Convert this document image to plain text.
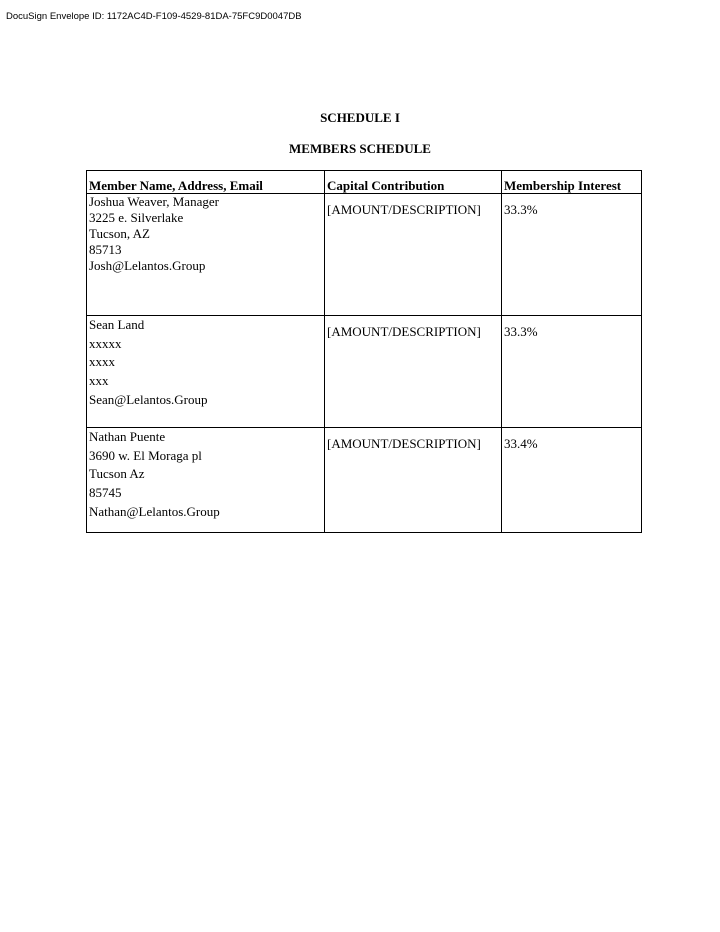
DocuSign Envelope ID: 1172AC4D-F109-4529-81DA-75FC9D0047DB
SCHEDULE I
MEMBERS SCHEDULE
Member Name, Address, Email	Capital Contribution	Membership Interest

Joshua Weaver, Manager
3225 e. Silverlake
Tucson, AZ
85713
Josh@Lelantos.Group	[AMOUNT/DESCRIPTION]	33.3%

Sean Land
xxxxx
xxxx
xxx
Sean@Lelantos.Group	[AMOUNT/DESCRIPTION]	33.3%

Nathan Puente
3690 w. El Moraga pl
Tucson Az
85745
Nathan@Lelantos.Group	[AMOUNT/DESCRIPTION]	33.4%
